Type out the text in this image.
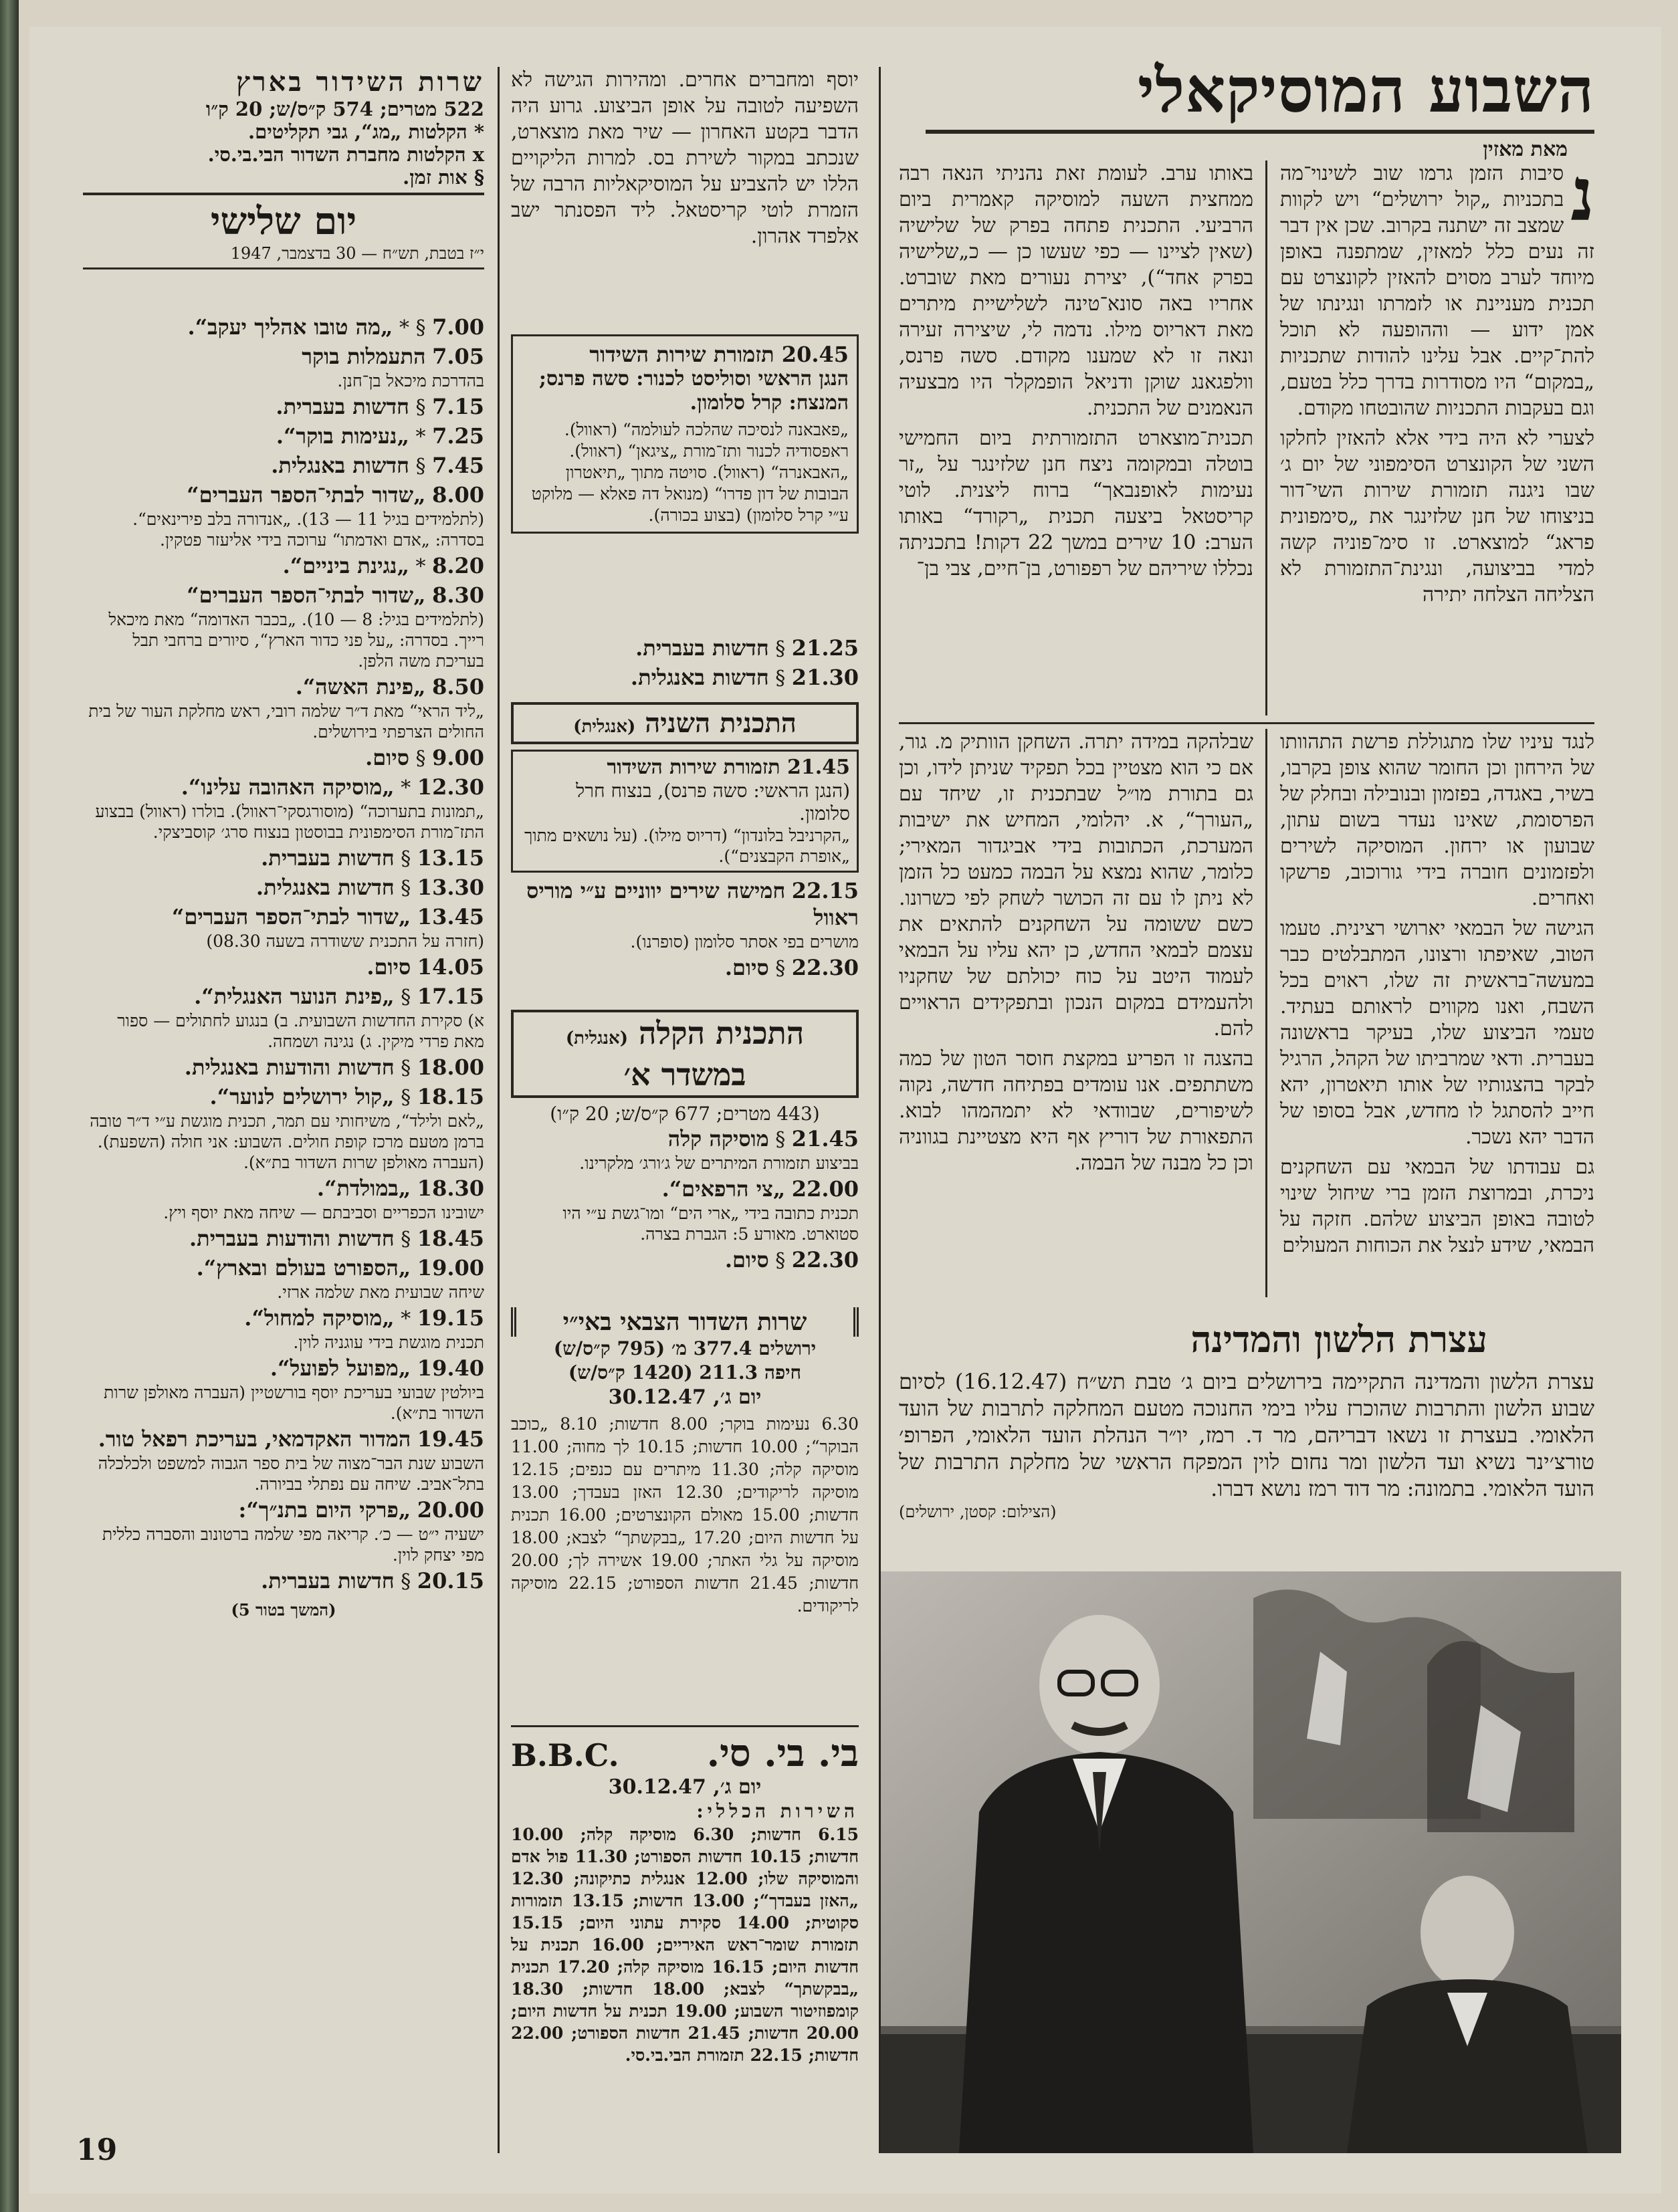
השבוע המוסיקאלי
מאת מאזין
נ

סיבות הזמן גרמו שוב לשינוי־מה בתכניות „קול ירושלים“ ויש לקוות שמצב זה ישתנה בקרוב. שכן אין דבר זה נעים כלל למאזין, שמתפנה באופן מיוחד לערב מסוים להאזין לקונצרט עם תכנית מעניינת או לזמרתו ונגינתו של אמן ידוע — וההופעה לא תוכל להת־קיים. אבל עלינו להודות שתכניות „במקום“ היו מסודרות בדרך כלל בטעם, וגם בעקבות התכניות שהובטחו מקודם.

לצערי לא היה בידי אלא להאזין לחלקו השני של הקונצרט הסימפוני של יום ג׳ שבו ניגנה תזמורת שירות השי־דור בניצוחו של חנן שלזינגר את „סימפונית פראג“ למוצארט. זו סימ־פוניה קשה למדי בביצועה, ונגינת־התזמורת לא הצליחה הצלחה יתירה

באותו ערב. לעומת זאת נהניתי הנאה רבה ממחצית השעה למוסיקה קאמרית ביום הרביעי. התכנית פתחה בפרק של שלישיה (שאין לציינו — כפי שעשו כן — כ„שלישיה בפרק אחד“), יצירת נעורים מאת שוברט. אחריו באה סונא־טינה לשלישיית מיתרים מאת דאריוס מילו. נדמה לי, שיצירה זעירה ונאה זו לא שמענו מקודם. סשה פרנס, וולפגאנג שוקן ודניאל הופמקלר היו מבצעיה הנאמנים של התכנית.

תכנית־מוצארט התזמורתית ביום החמישי בוטלה ובמקומה ניצח חנן שלזינגר על „זר נעימות לאופנבאך“ ברוח ליצנית. לוטי קריסטאל ביצעה תכנית „רקורד“ באותו הערב: 10 שירים במשך 22 דקות! בתכניתה נכללו שיריהם של רפפורט, בן־חיים, צבי בן־

לנגד עיניו שלו מתגוללת פרשת התהוותו של הירחון וכן החומר שהוא צופן בקרבו, בשיר, באגדה, בפזמון ובנובילה ובחלק של הפרסומת, שאינו נעדר בשום עתון, שבועון או ירחון. המוסיקה לשירים ולפזמונים חוברה בידי גורוכוב, פרשקו ואחרים.

הגישה של הבמאי יארושי רצינית. טעמו הטוב, שאיפתו ורצונו, המתבלטים כבר במעשה־בראשית זה שלו, ראוים בכל השבח, ואנו מקווים לראותם בעתיד. טעמי הביצוע שלו, בעיקר בראשונה בעברית. ודאי שמרביתו של הקהל, הרגיל לבקר בהצגותיו של אותו תיאטרון, יהא חייב להסתגל לו מחדש, אבל בסופו של הדבר יהא נשכר.

גם עבודתו של הבמאי עם השחקנים ניכרת, ובמרוצת הזמן ברי שיחול שינוי לטובה באופן הביצוע שלהם. חזקה על הבמאי, שידע לנצל את הכוחות המעולים

שבלהקה במידה יתרה. השחקן הוותיק מ. גור, אם כי הוא מצטיין בכל תפקיד שניתן לידו, וכן גם בתורת מו״ל שבתכנית זו, שיחד עם „העורך“, א. יהלומי, המחיש את ישיבות המערכת, הכתובות בידי אביגדור המאירי; כלומר, שהוא נמצא על הבמה כמעט כל הזמן לא ניתן לו עם זה הכושר לשחק לפי כשרונו. כשם ששומה על השחקנים להתאים את עצמם לבמאי החדש, כן יהא עליו על הבמאי לעמוד היטב על כוח יכולתם של שחקניו ולהעמידם במקום הנכון ובתפקידים הראויים להם.

בהצגה זו הפריע במקצת חוסר הטון של כמה משתתפים. אנו עומדים בפתיחה חדשה, נקוה לשיפורים, שבוודאי לא יתמהמהו לבוא. התפאורת של דוריץ אף היא מצטיינת בגווניה וכן כל מבנה של הבמה.

עצרת הלשון והמדינה
עצרת הלשון והמדינה התקיימה בירושלים ביום ג׳ טבת תש״ח (16.12.47) לסיום שבוע הלשון והתרבות שהוכרז עליו בימי החנוכה מטעם המחלקה לתרבות של הועד הלאומי. בעצרת זו נשאו דבריהם, מר ד. רמז, יו״ר הנהלת הועד הלאומי, הפרופ׳ טורצ׳ינר נשיא ועד הלשון ומר נחום לוין המפקח הראשי של מחלקת התרבות של הועד הלאומי. בתמונה: מר דוד רמז נושא דברו.
(הצילום: קסטן, ירושלים)
יוסף ומחברים אחרים. ומהירות הגישה לא השפיעה לטובה על אופן הביצוע. גרוע היה הדבר בקטע האחרון — שיר מאת מוצארט, שנכתב במקור לשירת בס. למרות הליקויים הללו יש להצביע על המוסיקאליות הרבה של הזמרת לוטי קריסטאל. ליד הפסנתר ישב אלפרד אהרון.
20.45 תזמורת שירות השידור
הנגן הראשי וסוליסט לכנור: סשה פרנס; המנצח: קרל סלומון.
„פאבאנה לנסיכה שהלכה לעולמה“ (ראוול). ראפסודיה לכנור ותז־מורת „ציגאן“ (ראוול). „האבאנרה“ (ראוול). סויטה מתוך „תיאטרון הבובות של דון פדרו“ (מנואל דה פאלא — מלוקט ע״י קרל סלומון) (בצוע בכורה).
21.25 § חדשות בעברית.
21.30 § חדשות באנגלית.
התכנית השניה (אנגלית)
21.45 תזמורת שירות השידור
(הנגן הראשי: סשה פרנס), בנצוח חרל סלומון.
„הקרניבל בלונדון“ (דריוס מילו). (על נושאים מתוך „אופרת הקבצנים“).
22.15 חמישה שירים יווניים ע״י מוריס ראוול
מושרים בפי אסתר סלומון (סופרנו).
22.30 § סיום.
התכנית הקלה (אנגלית)
במשדר א׳
(443 מטרים; 677 ק״ס/ש; 20 ק״ו)
21.45 § מוסיקה קלה
בביצוע תזמורת המיתרים של ג׳ורג׳ מלקרינו.
22.00 „צי הרפאים“.
תכנית כתובה בידי „ארי הים“ ומו־גשת ע״י היו סטוארט. מאורע 5: הגברת בצרה.
22.30 § סיום.
שרות השדור הצבאי באי״י
ירושלים 377.4 מ׳ (795 ק״ס/ש)
חיפה 211.3 (1420 ק״ס/ש)
יום ג׳, 30.12.47
6.30 נעימות בוקר; 8.00 חדשות; 8.10 „כוכב הבוקר“; 10.00 חדשות; 10.15 לך מחוה; 11.00 מוסיקה קלה; 11.30 מיתרים עם כנפים; 12.15 מוסיקה לריקודים; 12.30 האזן בעבדך; 13.00 חדשות; 15.00 מאולם הקונצרטים; 16.00 תכנית על חדשות היום; 17.20 „בבקשתך“ לצבא; 18.00 מוסיקה על גלי האתר; 19.00 אשירה לך; 20.00 חדשות; 21.45 חדשות הספורט; 22.15 מוסיקה לריקודים.
בי. בי. סי.
B.B.C.
יום ג׳, 30.12.47
השירות הכללי:
6.15 חדשות; 6.30 מוסיקה קלה; 10.00 חדשות; 10.15 חדשות הספורט; 11.30 פול אדם והמוסיקה שלו; 12.00 אנגלית כתיקונה; 12.30 „האזן בעבדך“; 13.00 חדשות; 13.15 תזמורות סקוטית; 14.00 סקירת עתוני היום; 15.15 תזמורת שומר־ראש האיריים; 16.00 תכנית על חדשות היום; 16.15 מוסיקה קלה; 17.20 תכנית „בבקשתך“ לצבא; 18.00 חדשות; 18.30 קומפוזיטור השבוע; 19.00 תכנית על חדשות היום; 20.00 חדשות; 21.45 חדשות הספורט; 22.00 חדשות; 22.15 תזמורת הבי.בי.סי.
שרות השידור בארץ
522 מטרים; 574 ק״ס/ש; 20 ק״ו
* הקלטות „מג“, גבי תקליטים.
x הקלטות מחברת השדור הבי.בי.סי.
§ אות זמן.
יום שלישי
י״ז בטבת, תש״ח — 30 בדצמבר, 1947
7.00 § * „מה טובו אהליך יעקב“.
7.05 התעמלות בוקר
בהדרכת מיכאל בן־חנן.
7.15 § חדשות בעברית.
7.25 * „נעימות בוקר“.
7.45 § חדשות באנגלית.
8.00 „שדור לבתי־הספר העברים“
(לתלמידים בגיל 11 — 13). „אנדורה בלב פירינאים“. בסדרה: „אדם ואדמתו“ ערוכה בידי אליעזר פטקין.
8.20 * „נגינת ביניים“.
8.30 „שדור לבתי־הספר העברים“
(לתלמידים בגיל: 8 — 10). „בכבר האדומה“ מאת מיכאל רייך. בסדרה: „על פני כדור הארץ“, סיורים ברחבי תבל בעריכת משה הלפן.
8.50 „פינת האשה“.
„ליד הראי“ מאת ד״ר שלמה רובי, ראש מחלקת העור של בית החולים הצרפתי בירושלים.
9.00 § סיום.
12.30 * „מוסיקה האהובה עלינו“.
„תמונות בתערוכה“ (מוסורגסקי־ראוול). בולרו (ראוול) בבצוע התז־מורת הסימפונית בבוסטון בנצוח סרג׳ קוסביצקי.
13.15 § חדשות בעברית.
13.30 § חדשות באנגלית.
13.45 „שדור לבתי־הספר העברים“
(חזרה על התכנית ששודרה בשעה 08.30)
14.05 סיום.
17.15 § „פינת הנוער האנגלית“.
א) סקירת החדשות השבועית. ב) בנגוע לחתולים — ספור מאת פרדי מיקין. ג) נגינה ושמחה.
18.00 § חדשות והודעות באנגלית.
18.15 § „קול ירושלים לנוער“.
„לאם ולילד“, משיחותי עם תמר, תכנית מוגשת ע״י ד״ר טובה ברמן מטעם מרכז קופת חולים. השבוע: אני חולה (השפעת). (העברה מאולפן שרות השדור בת״א).
18.30 „במולדת“.
ישובינו הכפריים וסביבתם — שיחה מאת יוסף ויץ.
18.45 § חדשות והודעות בעברית.
19.00 „הספורט בעולם ובארץ“.
שיחה שבועית מאת שלמה ארזי.
19.15 * „מוסיקה למחול“.
תכנית מוגשת בידי עוגניה לוין.
19.40 „מפועל לפועל“.
ביולטין שבועי בעריכת יוסף בורשטיין (העברה מאולפן שרות השדור בת״א).
19.45 המדור האקדמאי, בעריכת רפאל טור.
השבוע שנת הבר־מצוה של בית ספר הגבוה למשפט ולכלכלה בתל־אביב. שיחה עם נפתלי בביורה.
20.00 „פרקי היום בתנ״ך“:
ישעיה י״ט — כ׳. קריאה מפי שלמה ברטונוב והסברה כללית מפי יצחק לוין.
20.15 § חדשות בעברית.
(המשך בטור 5)
19
